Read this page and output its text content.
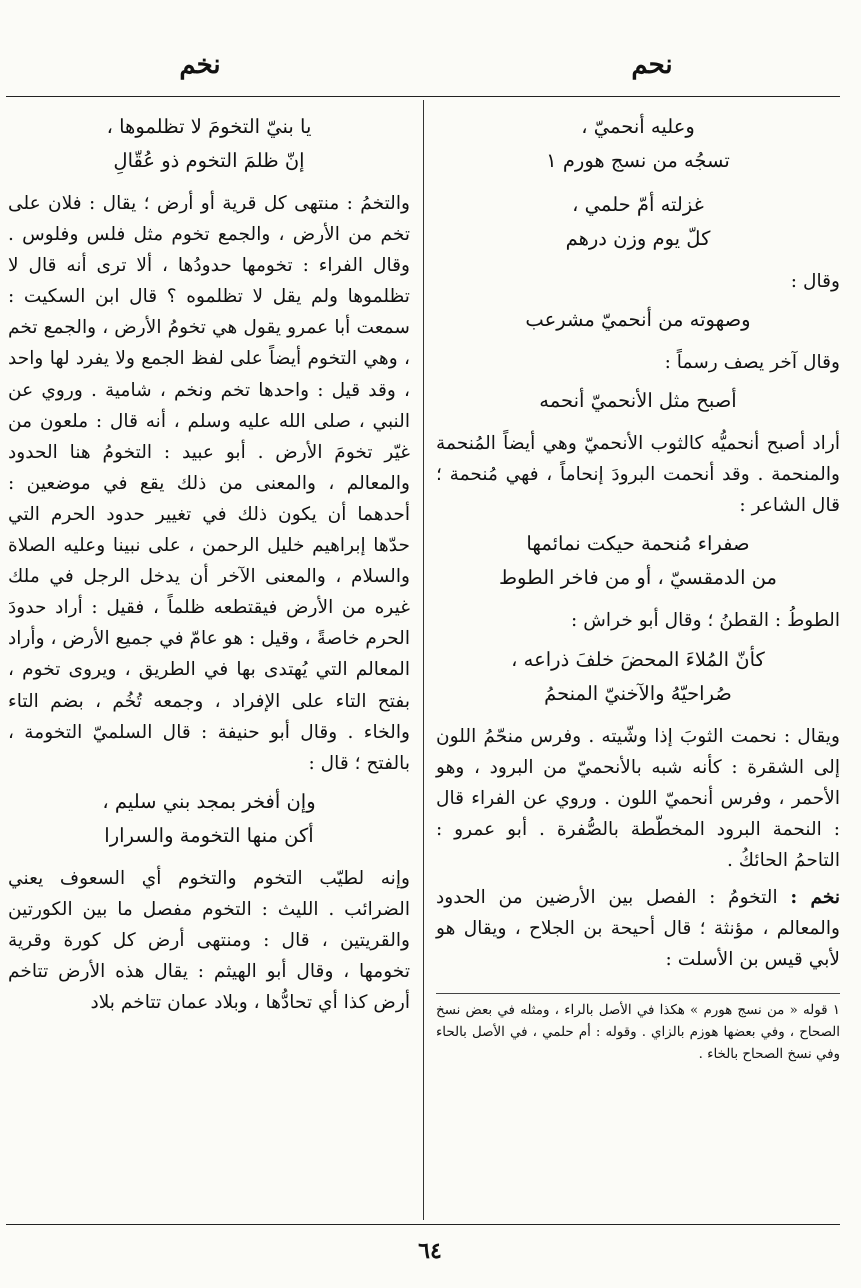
نحم
نخم
وعليه أنحميّ ،
تسجُه من نسج هورم ١
غزلته أمّ حلمي ،
كلّ يوم وزن درهم

وقال :

وصهوته من أنحميّ مشرعب

وقال آخر يصف رسماً :

أصبح مثل الأنحميّ أنحمه

أراد أصبح أنحميُّه كالثوب الأنحميّ وهي أيضاً المُنحمة والمنحمة . وقد أنحمت البرودَ إنحاماً ، فهي مُنحمة ؛ قال الشاعر :

صفراء مُنحمة حيكت نمائمها
من الدمقسيّ ، أو من فاخر الطوط

الطوطُ : القطنُ ؛ وقال أبو خراش :

كأنّ المُلاءَ المحضَ خلفَ ذراعه ،
صُراحيّهُ والآخنيّ المنحمُ

ويقال : نحمت الثوبَ إذا وشّيته . وفرس منحّمُ اللون إلى الشقرة : كأنه شبه بالأنحميّ من البرود ، وهو الأحمر ، وفرس أنحميّ اللون . وروي عن الفراء قال : النحمة البرود المخطّطة بالصُّفرة . أبو عمرو : التاحمُ الحائكُ .

نخم : التخومُ : الفصل بين الأرضين من الحدود والمعالم ، مؤنثة ؛ قال أحيحة بن الجلاح ، ويقال هو لأبي قيس بن الأسلت :

١ قوله « من نسج هورم » هكذا في الأصل بالراء ، ومثله في بعض نسخ الصحاح ، وفي بعضها هوزم بالزاي . وقوله : أم حلمي ، في الأصل بالحاء وفي نسخ الصحاح بالخاء .

يا بنيّ التخومَ لا تظلموها ،
إنّ ظلمَ التخوم ذو عُقّالِ

والتخمُ : منتهى كل قرية أو أرض ؛ يقال : فلان على تخم من الأرض ، والجمع تخوم مثل فلس وفلوس . وقال الفراء : تخومها حدودُها ، ألا ترى أنه قال لا تظلموها ولم يقل لا تظلموه ؟ قال ابن السكيت : سمعت أبا عمرو يقول هي تخومُ الأرض ، والجمع تخم ، وهي التخوم أيضاً على لفظ الجمع ولا يفرد لها واحد ، وقد قيل : واحدها تخم ونخم ، شامية . وروي عن النبي ، صلى الله عليه وسلم ، أنه قال : ملعون من غيّر تخومَ الأرض . أبو عبيد : التخومُ هنا الحدود والمعالم ، والمعنى من ذلك يقع في موضعين : أحدهما أن يكون ذلك في تغيير حدود الحرم التي حدّها إبراهيم خليل الرحمن ، على نبينا وعليه الصلاة والسلام ، والمعنى الآخر أن يدخل الرجل في ملك غيره من الأرض فيقتطعه ظلماً ، فقيل : أراد حدودَ الحرم خاصةً ، وقيل : هو عامّ في جميع الأرض ، وأراد المعالم التي يُهتدى بها في الطريق ، ويروى تخوم ، بفتح التاء على الإفراد ، وجمعه تُخُم ، بضم التاء والخاء . وقال أبو حنيفة : قال السلميّ التخومة ، بالفتح ؛ قال :

وإن أفخر بمجد بني سليم ،
أكن منها التخومة والسرارا

وإنه لطيّب التخوم والتخوم أي السعوف يعني الضرائب . الليث : التخوم مفصل ما بين الكورتين والقريتين ، قال : ومنتهى أرض كل كورة وقرية تخومها ، وقال أبو الهيثم : يقال هذه الأرض تتاخم أرض كذا أي تحادُّها ، وبلاد عمان تتاخم بلاد

٦٤
